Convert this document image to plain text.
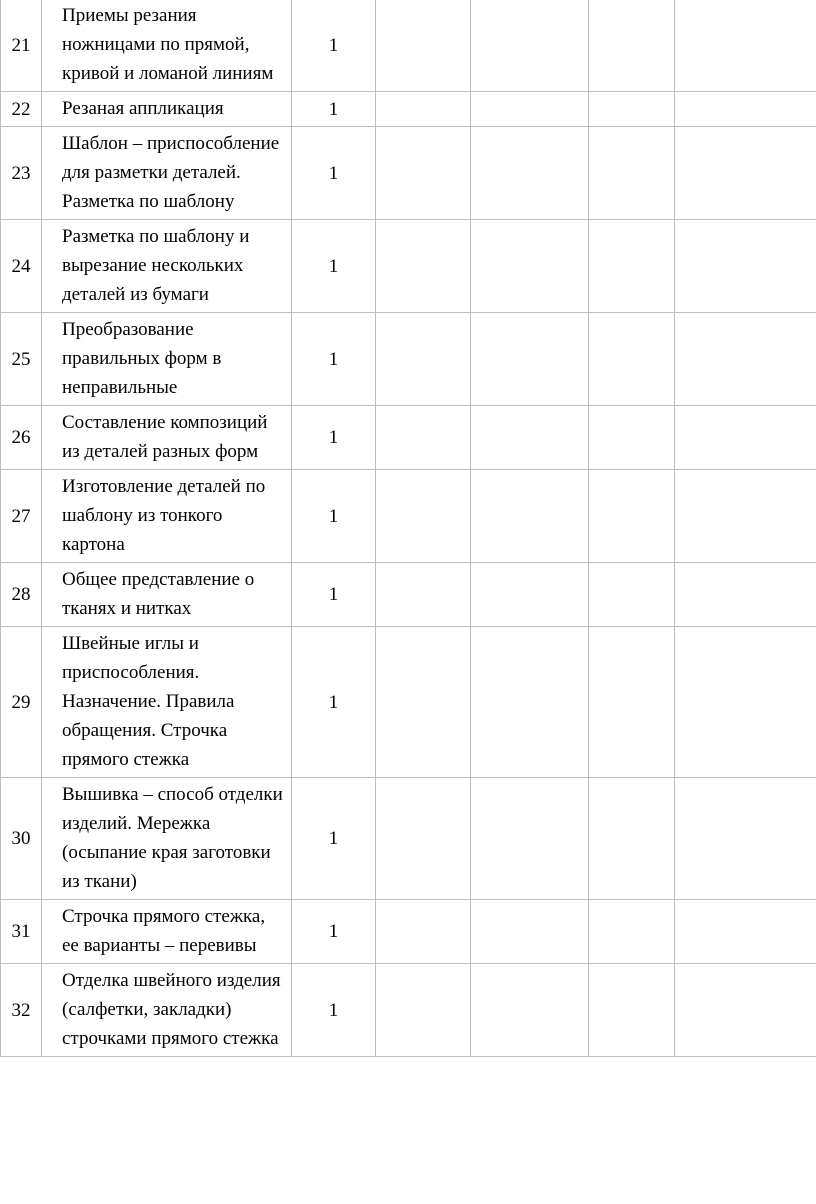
21	Приемы резания ножницами по прямой, кривой и ломаной линиям	1				
22	Резаная аппликация	1				
23	Шаблон – приспособление для разметки деталей. Разметка по шаблону	1				
24	Разметка по шаблону и вырезание нескольких деталей из бумаги	1				
25	Преобразование правильных форм в неправильные	1				
26	Составление композиций из деталей разных форм	1				
27	Изготовление деталей по шаблону из тонкого картона	1				
28	Общее представление о тканях и нитках	1				
29	Швейные иглы и приспособления. Назначение. Правила обращения. Строчка прямого стежка	1				
30	Вышивка – способ отделки изделий. Мережка (осыпание края заготовки из ткани)	1				
31	Строчка прямого стежка, ее варианты – перевивы	1				
32	Отделка швейного изделия (салфетки, закладки) строчками прямого стежка	1				
